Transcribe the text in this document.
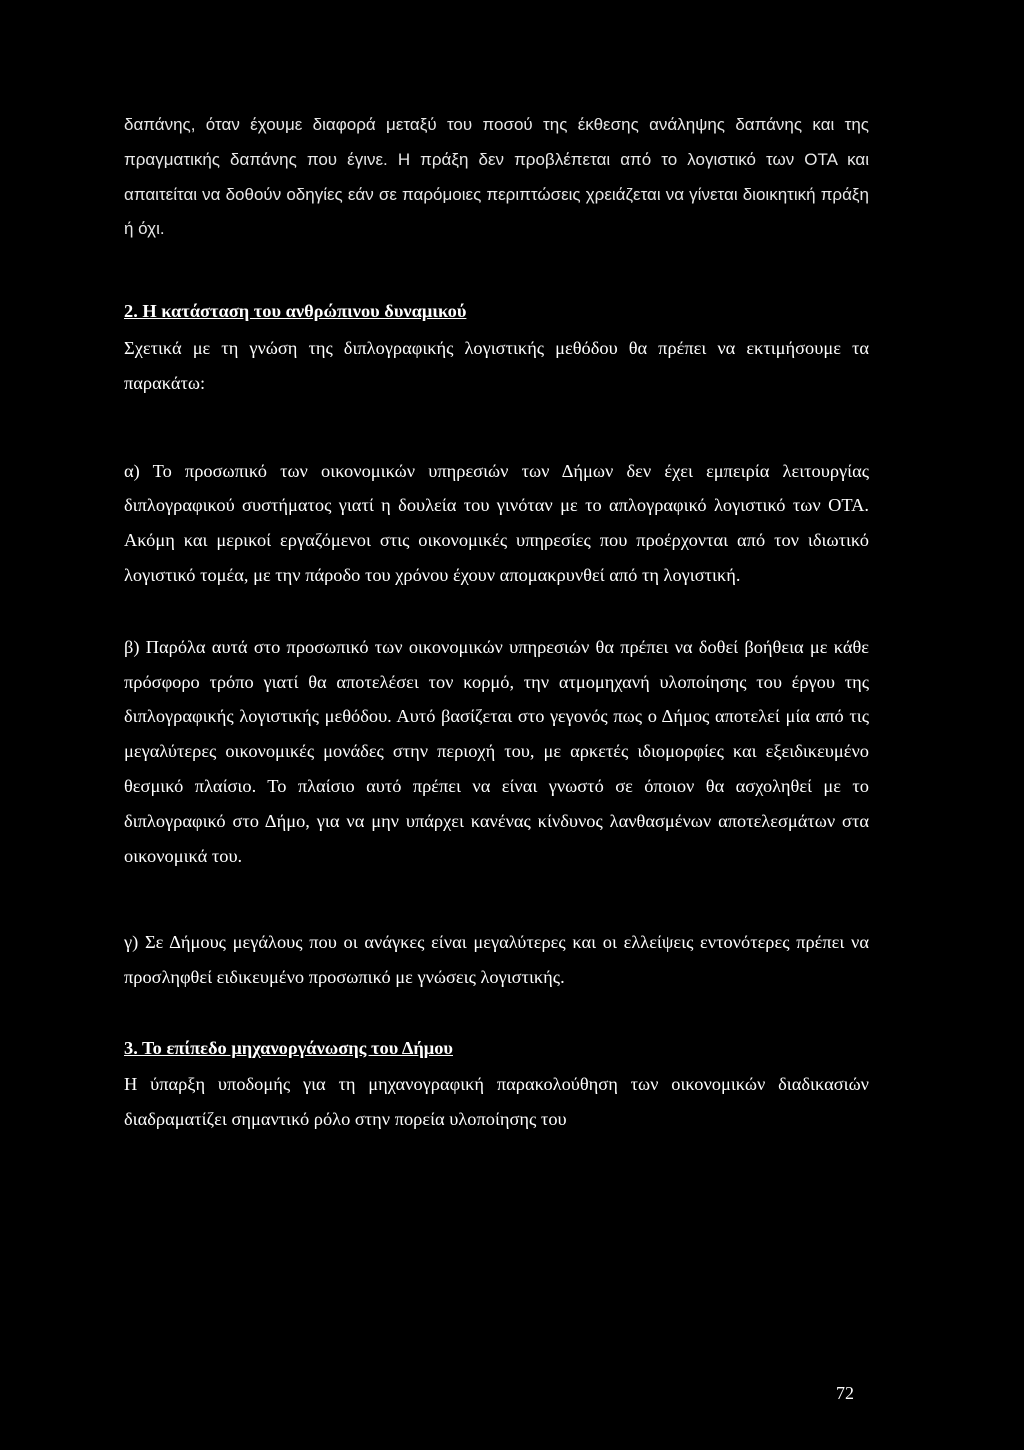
δαπάνης, όταν έχουμε διαφορά μεταξύ του ποσού της έκθεσης ανάληψης δαπάνης και της πραγματικής δαπάνης που έγινε. Η πράξη δεν προβλέπεται από το λογιστικό των ΟΤΑ και απαιτείται να δοθούν οδηγίες εάν σε παρόμοιες περιπτώσεις χρειάζεται να γίνεται διοικητική πράξη ή όχι.

2. Η κατάσταση του ανθρώπινου δυναμικού

Σχετικά με τη γνώση της διπλογραφικής λογιστικής μεθόδου θα πρέπει να εκτιμήσουμε τα παρακάτω:

α) Το προσωπικό των οικονομικών υπηρεσιών των Δήμων δεν έχει εμπειρία λειτουργίας διπλογραφικού συστήματος γιατί η δουλεία του γινόταν με το απλογραφικό λογιστικό των ΟΤΑ. Ακόμη και μερικοί εργαζόμενοι στις οικονομικές υπηρεσίες που προέρχονται από τον ιδιωτικό λογιστικό τομέα, με την πάροδο του χρόνου έχουν απομακρυνθεί από τη λογιστική.

β) Παρόλα αυτά στο προσωπικό των οικονομικών υπηρεσιών θα πρέπει να δοθεί βοήθεια με κάθε πρόσφορο τρόπο γιατί θα αποτελέσει τον κορμό, την ατμομηχανή υλοποίησης του έργου της διπλογραφικής λογιστικής μεθόδου. Αυτό βασίζεται στο γεγονός πως ο Δήμος αποτελεί μία από τις μεγαλύτερες οικονομικές μονάδες στην περιοχή του, με αρκετές ιδιομορφίες και εξειδικευμένο θεσμικό πλαίσιο. Το πλαίσιο αυτό πρέπει να είναι γνωστό σε όποιον θα ασχοληθεί με το διπλογραφικό στο Δήμο, για να μην υπάρχει κανένας κίνδυνος λανθασμένων αποτελεσμάτων στα οικονομικά του.

γ) Σε Δήμους μεγάλους που οι ανάγκες είναι μεγαλύτερες και οι ελλείψεις εντονότερες πρέπει να προσληφθεί ειδικευμένο προσωπικό με γνώσεις λογιστικής.

3. Το επίπεδο μηχανοργάνωσης του Δήμου

Η ύπαρξη υποδομής για τη μηχανογραφική παρακολούθηση των οικονομικών διαδικασιών διαδραματίζει σημαντικό ρόλο στην πορεία υλοποίησης του

72
